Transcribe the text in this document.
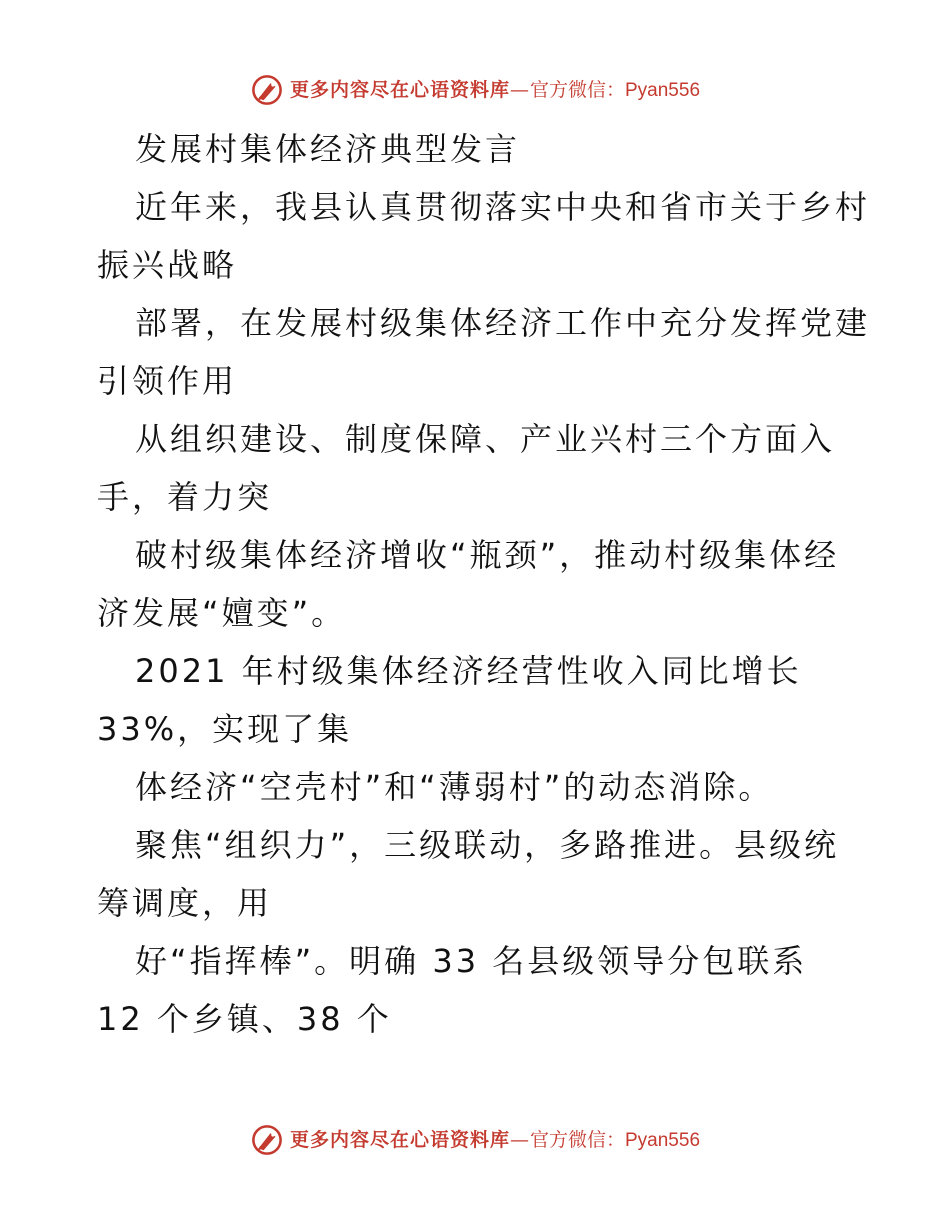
更多内容尽在心语资料库—官方微信：Pyan556
发展村集体经济典型发言
近年来，我县认真贯彻落实中央和省市关于乡村
振兴战略
部署，在发展村级集体经济工作中充分发挥党建
引领作用
从组织建设、制度保障、产业兴村三个方面入
手，着力突
破村级集体经济增收“瓶颈”，推动村级集体经
济发展“嬗变”。
2021 年村级集体经济经营性收入同比增长
33%，实现了集
体经济“空壳村”和“薄弱村”的动态消除。
聚焦“组织力”，三级联动，多路推进。县级统
筹调度，用
好“指挥棒”。明确 33 名县级领导分包联系
12 个乡镇、38 个
更多内容尽在心语资料库—官方微信：Pyan556
